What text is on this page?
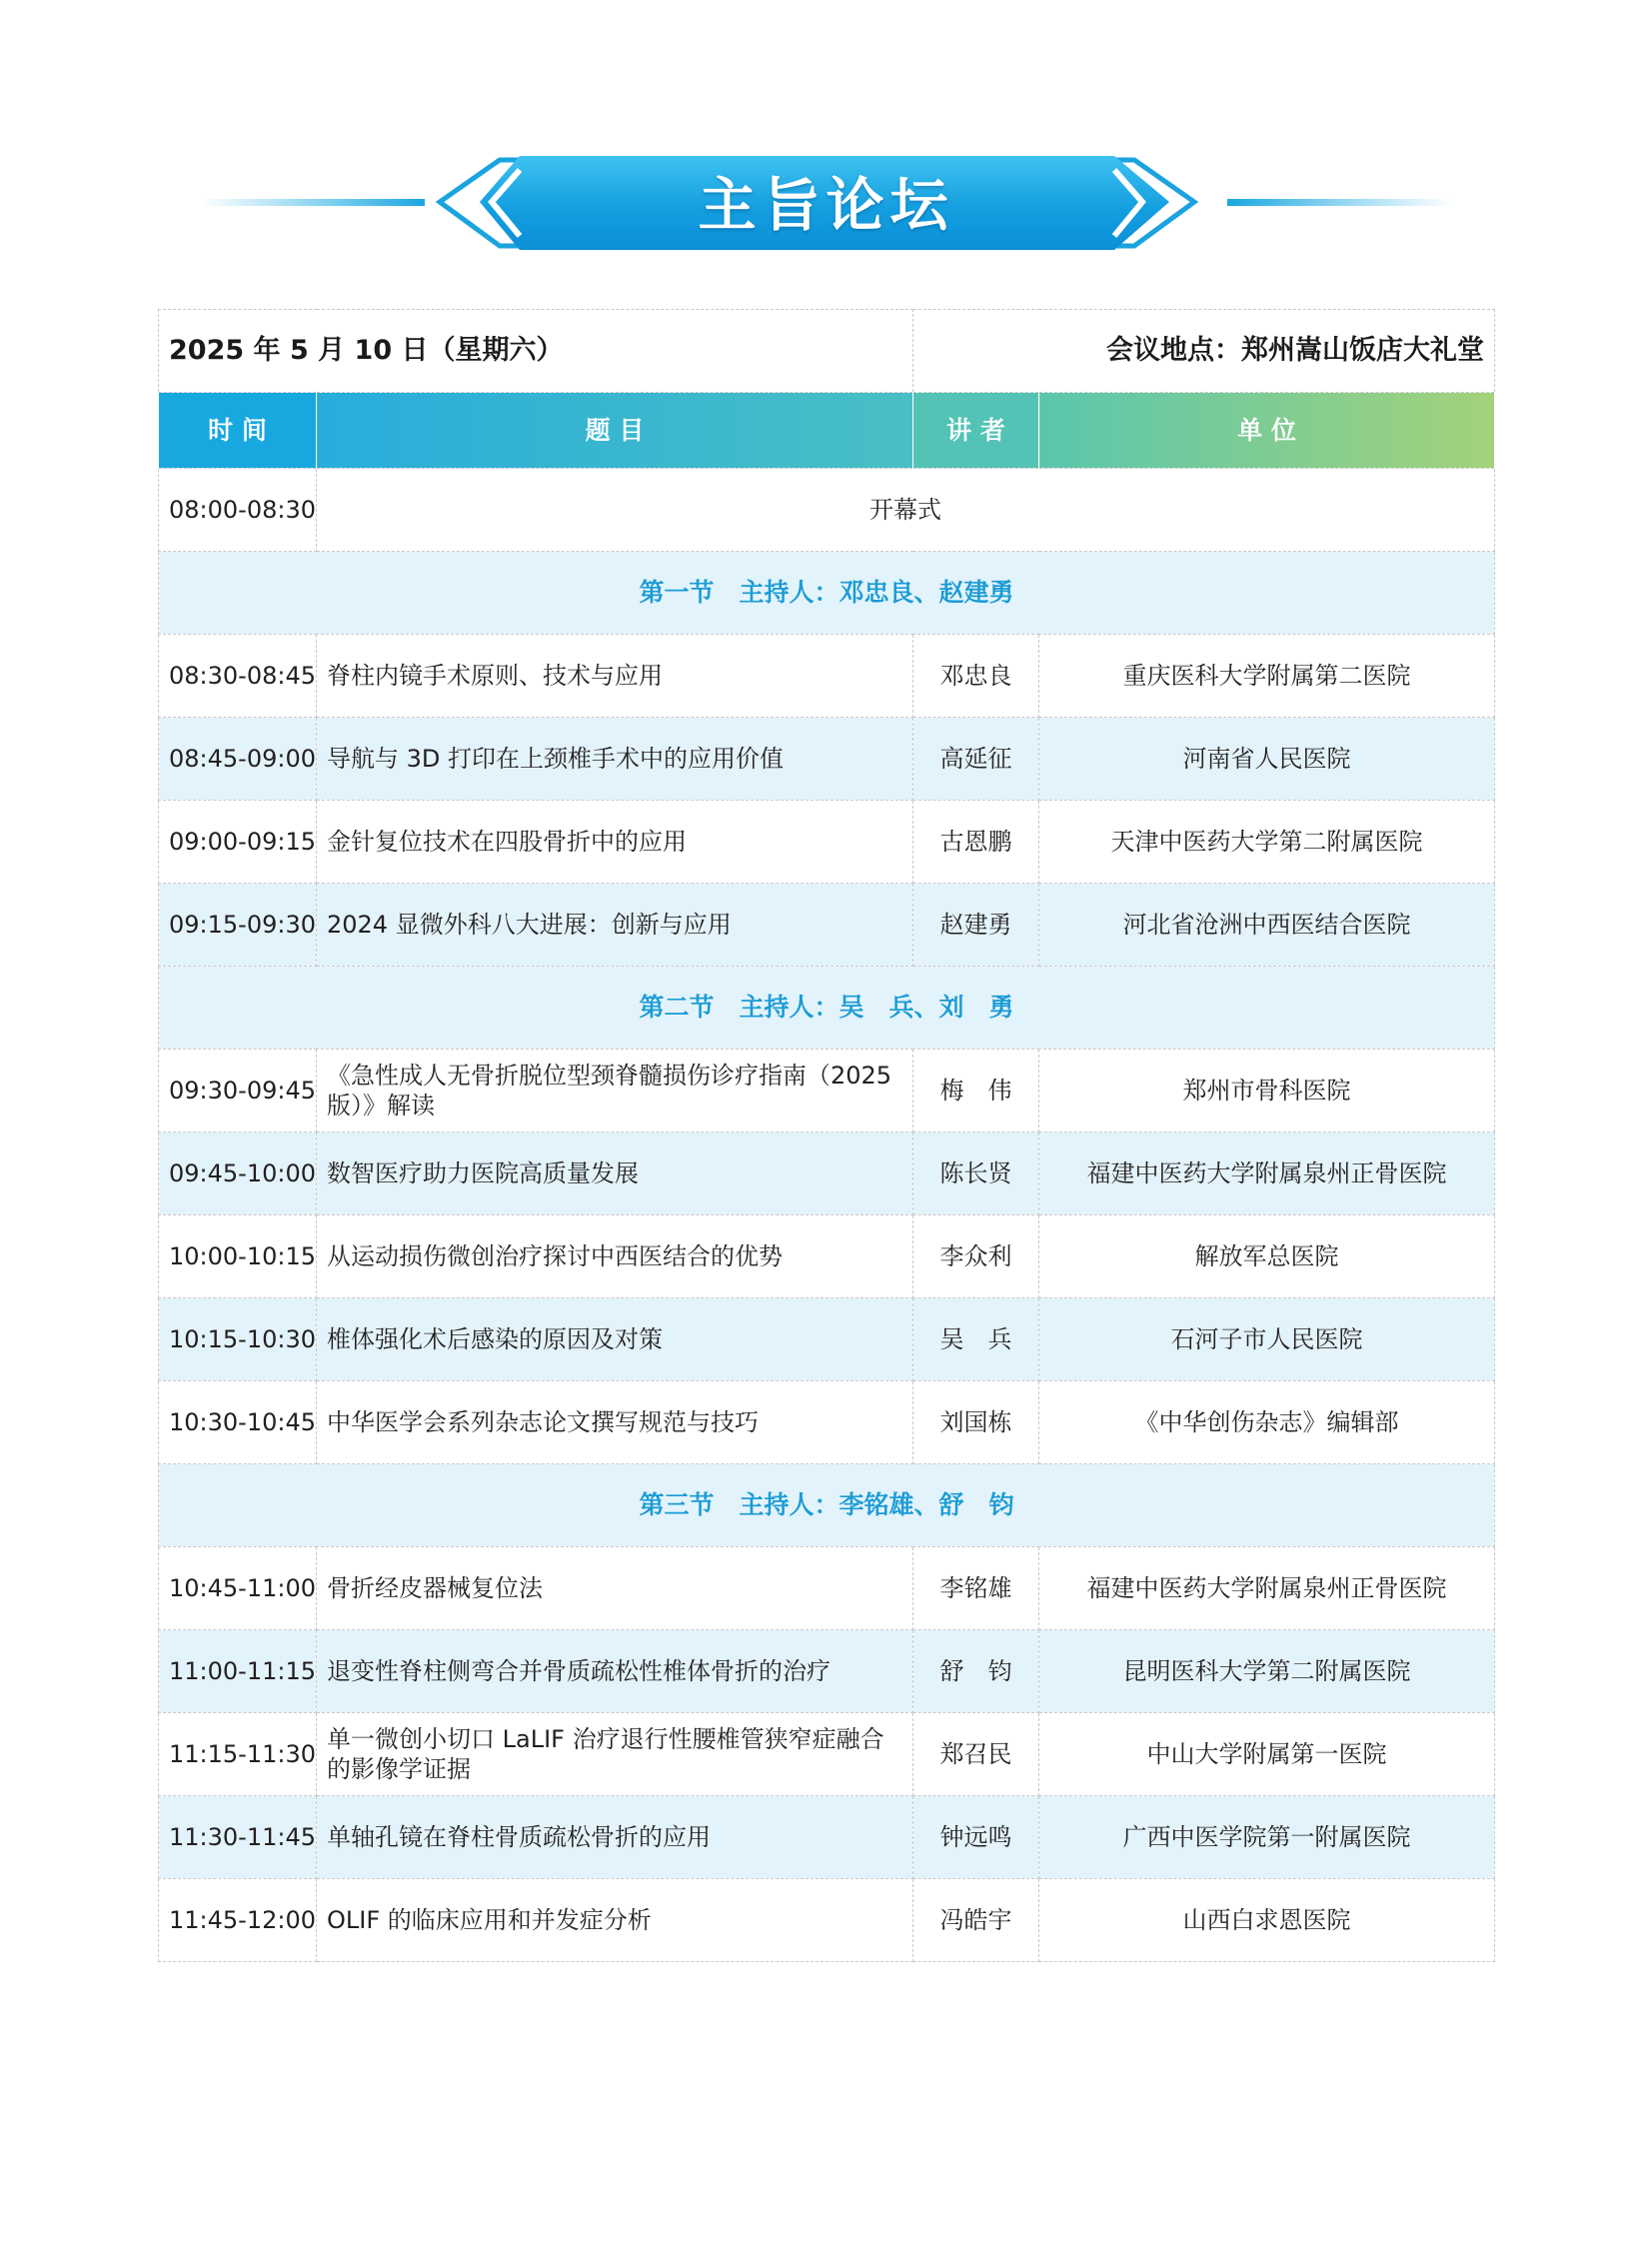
主旨论坛
2025 年 5 月 10 日（星期六）		会议地点：郑州嵩山饭店大礼堂	
时 间	题 目	讲 者	单 位
08:00-08:30	开幕式		
第一节　主持人：邓忠良、赵建勇			
08:30-08:45	脊柱内镜手术原则、技术与应用	邓忠良	重庆医科大学附属第二医院
08:45-09:00	导航与 3D 打印在上颈椎手术中的应用价值	高延征	河南省人民医院
09:00-09:15	金针复位技术在四股骨折中的应用	古恩鹏	天津中医药大学第二附属医院
09:15-09:30	2024 显微外科八大进展：创新与应用	赵建勇	河北省沧洲中西医结合医院
第二节　主持人：吴　兵、刘　勇			
09:30-09:45	《急性成人无骨折脱位型颈脊髓损伤诊疗指南（2025 版）》解读	梅　伟	郑州市骨科医院
09:45-10:00	数智医疗助力医院高质量发展	陈长贤	福建中医药大学附属泉州正骨医院
10:00-10:15	从运动损伤微创治疗探讨中西医结合的优势	李众利	解放军总医院
10:15-10:30	椎体强化术后感染的原因及对策	吴　兵	石河子市人民医院
10:30-10:45	中华医学会系列杂志论文撰写规范与技巧	刘国栋	《中华创伤杂志》编辑部
第三节　主持人：李铭雄、舒　钧			
10:45-11:00	骨折经皮器械复位法	李铭雄	福建中医药大学附属泉州正骨医院
11:00-11:15	退变性脊柱侧弯合并骨质疏松性椎体骨折的治疗	舒　钧	昆明医科大学第二附属医院
11:15-11:30	单一微创小切口 LaLIF 治疗退行性腰椎管狭窄症融合的影像学证据	郑召民	中山大学附属第一医院
11:30-11:45	单轴孔镜在脊柱骨质疏松骨折的应用	钟远鸣	广西中医学院第一附属医院
11:45-12:00	OLIF 的临床应用和并发症分析	冯皓宇	山西白求恩医院
